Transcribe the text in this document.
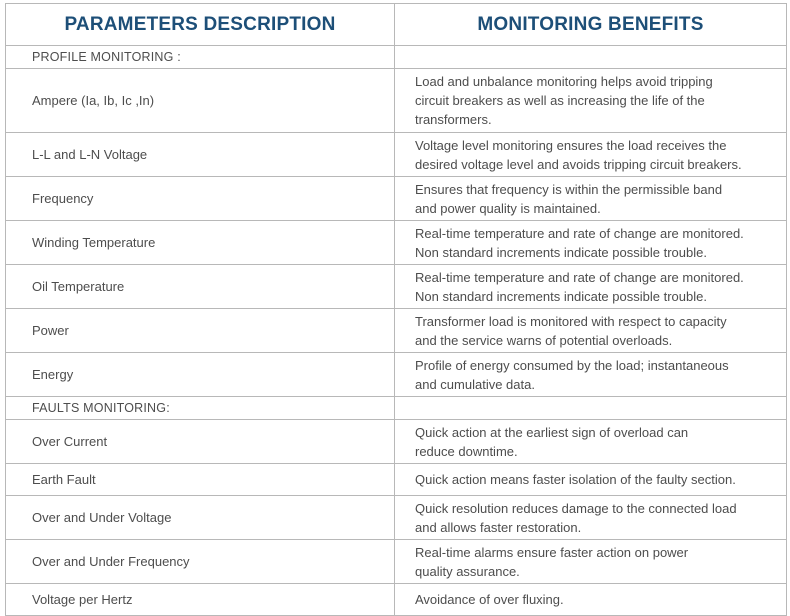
PARAMETERS DESCRIPTION	MONITORING BENEFITS
PROFILE MONITORING :	
Ampere (Ia, Ib, Ic ,In)	Load and unbalance monitoring helps avoid tripping
circuit breakers as well as increasing the life of the
transformers.

L-L and L-N Voltage	Voltage level monitoring ensures the load receives the
desired voltage level and avoids tripping circuit breakers.

Frequency	Ensures that frequency is within the permissible band
and power quality is maintained.

Winding Temperature	Real-time temperature and rate of change are monitored.
Non standard increments indicate possible trouble.

Oil Temperature	Real-time temperature and rate of change are monitored.
Non standard increments indicate possible trouble.

Power	Transformer load is monitored with respect to capacity
and the service warns of potential overloads.

Energy	Profile of energy consumed by the load; instantaneous
and cumulative data.

FAULTS MONITORING:	
Over Current	Quick action at the earliest sign of overload can
reduce downtime.

Earth Fault	Quick action means faster isolation of the faulty section.

Over and Under Voltage	Quick resolution reduces damage to the connected load
and allows faster restoration.

Over and Under Frequency	Real-time alarms ensure faster action on power
quality assurance.

Voltage per Hertz	Avoidance of over fluxing.
